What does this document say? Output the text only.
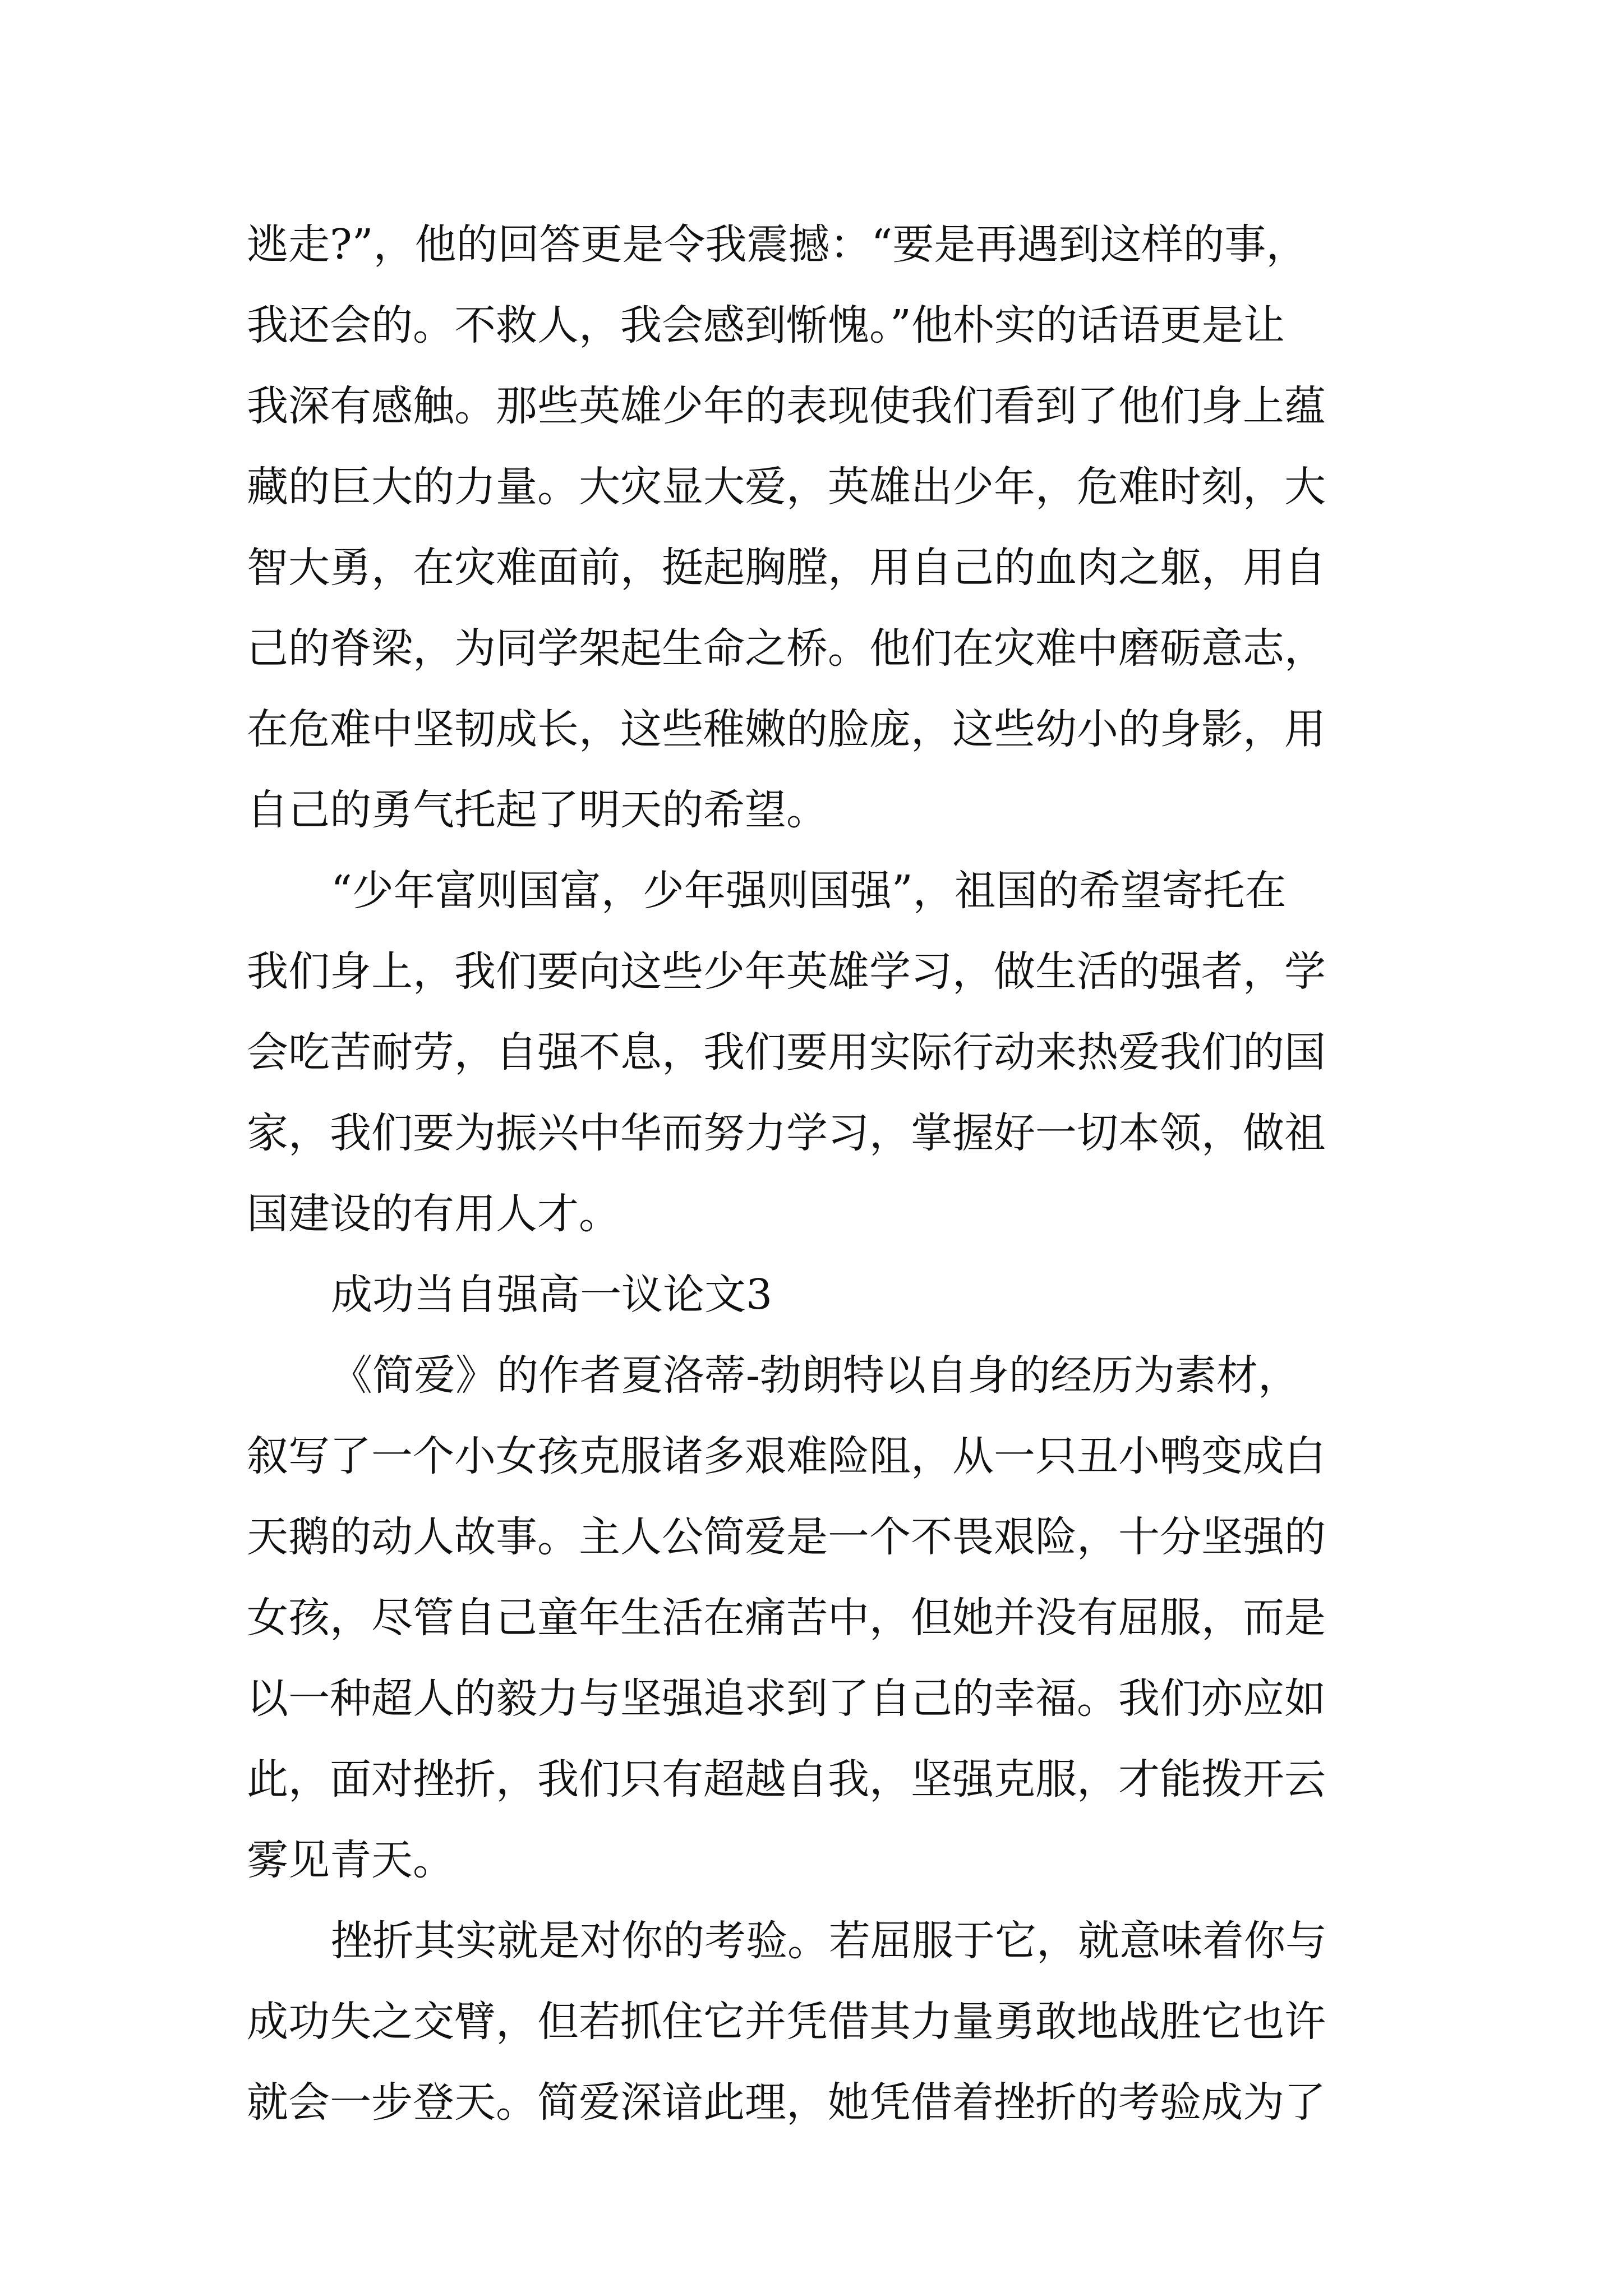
逃走?”，他的回答更是令我震撼：“要是再遇到这样的事，

我还会的。不救人，我会感到惭愧。”他朴实的话语更是让

我深有感触。那些英雄少年的表现使我们看到了他们身上蕴

藏的巨大的力量。大灾显大爱，英雄出少年，危难时刻，大

智大勇，在灾难面前，挺起胸膛，用自己的血肉之躯，用自

己的脊梁，为同学架起生命之桥。他们在灾难中磨砺意志，

在危难中坚韧成长，这些稚嫩的脸庞，这些幼小的身影，用

自己的勇气托起了明天的希望。

“少年富则国富，少年强则国强”，祖国的希望寄托在

我们身上，我们要向这些少年英雄学习，做生活的强者，学

会吃苦耐劳，自强不息，我们要用实际行动来热爱我们的国

家，我们要为振兴中华而努力学习，掌握好一切本领，做祖

国建设的有用人才。

成功当自强高一议论文3

《简爱》的作者夏洛蒂-勃朗特以自身的经历为素材，

叙写了一个小女孩克服诸多艰难险阻，从一只丑小鸭变成白

天鹅的动人故事。主人公简爱是一个不畏艰险，十分坚强的

女孩，尽管自己童年生活在痛苦中，但她并没有屈服，而是

以一种超人的毅力与坚强追求到了自己的幸福。我们亦应如

此，面对挫折，我们只有超越自我，坚强克服，才能拨开云

雾见青天。

挫折其实就是对你的考验。若屈服于它，就意味着你与

成功失之交臂，但若抓住它并凭借其力量勇敢地战胜它也许

就会一步登天。简爱深谙此理，她凭借着挫折的考验成为了
